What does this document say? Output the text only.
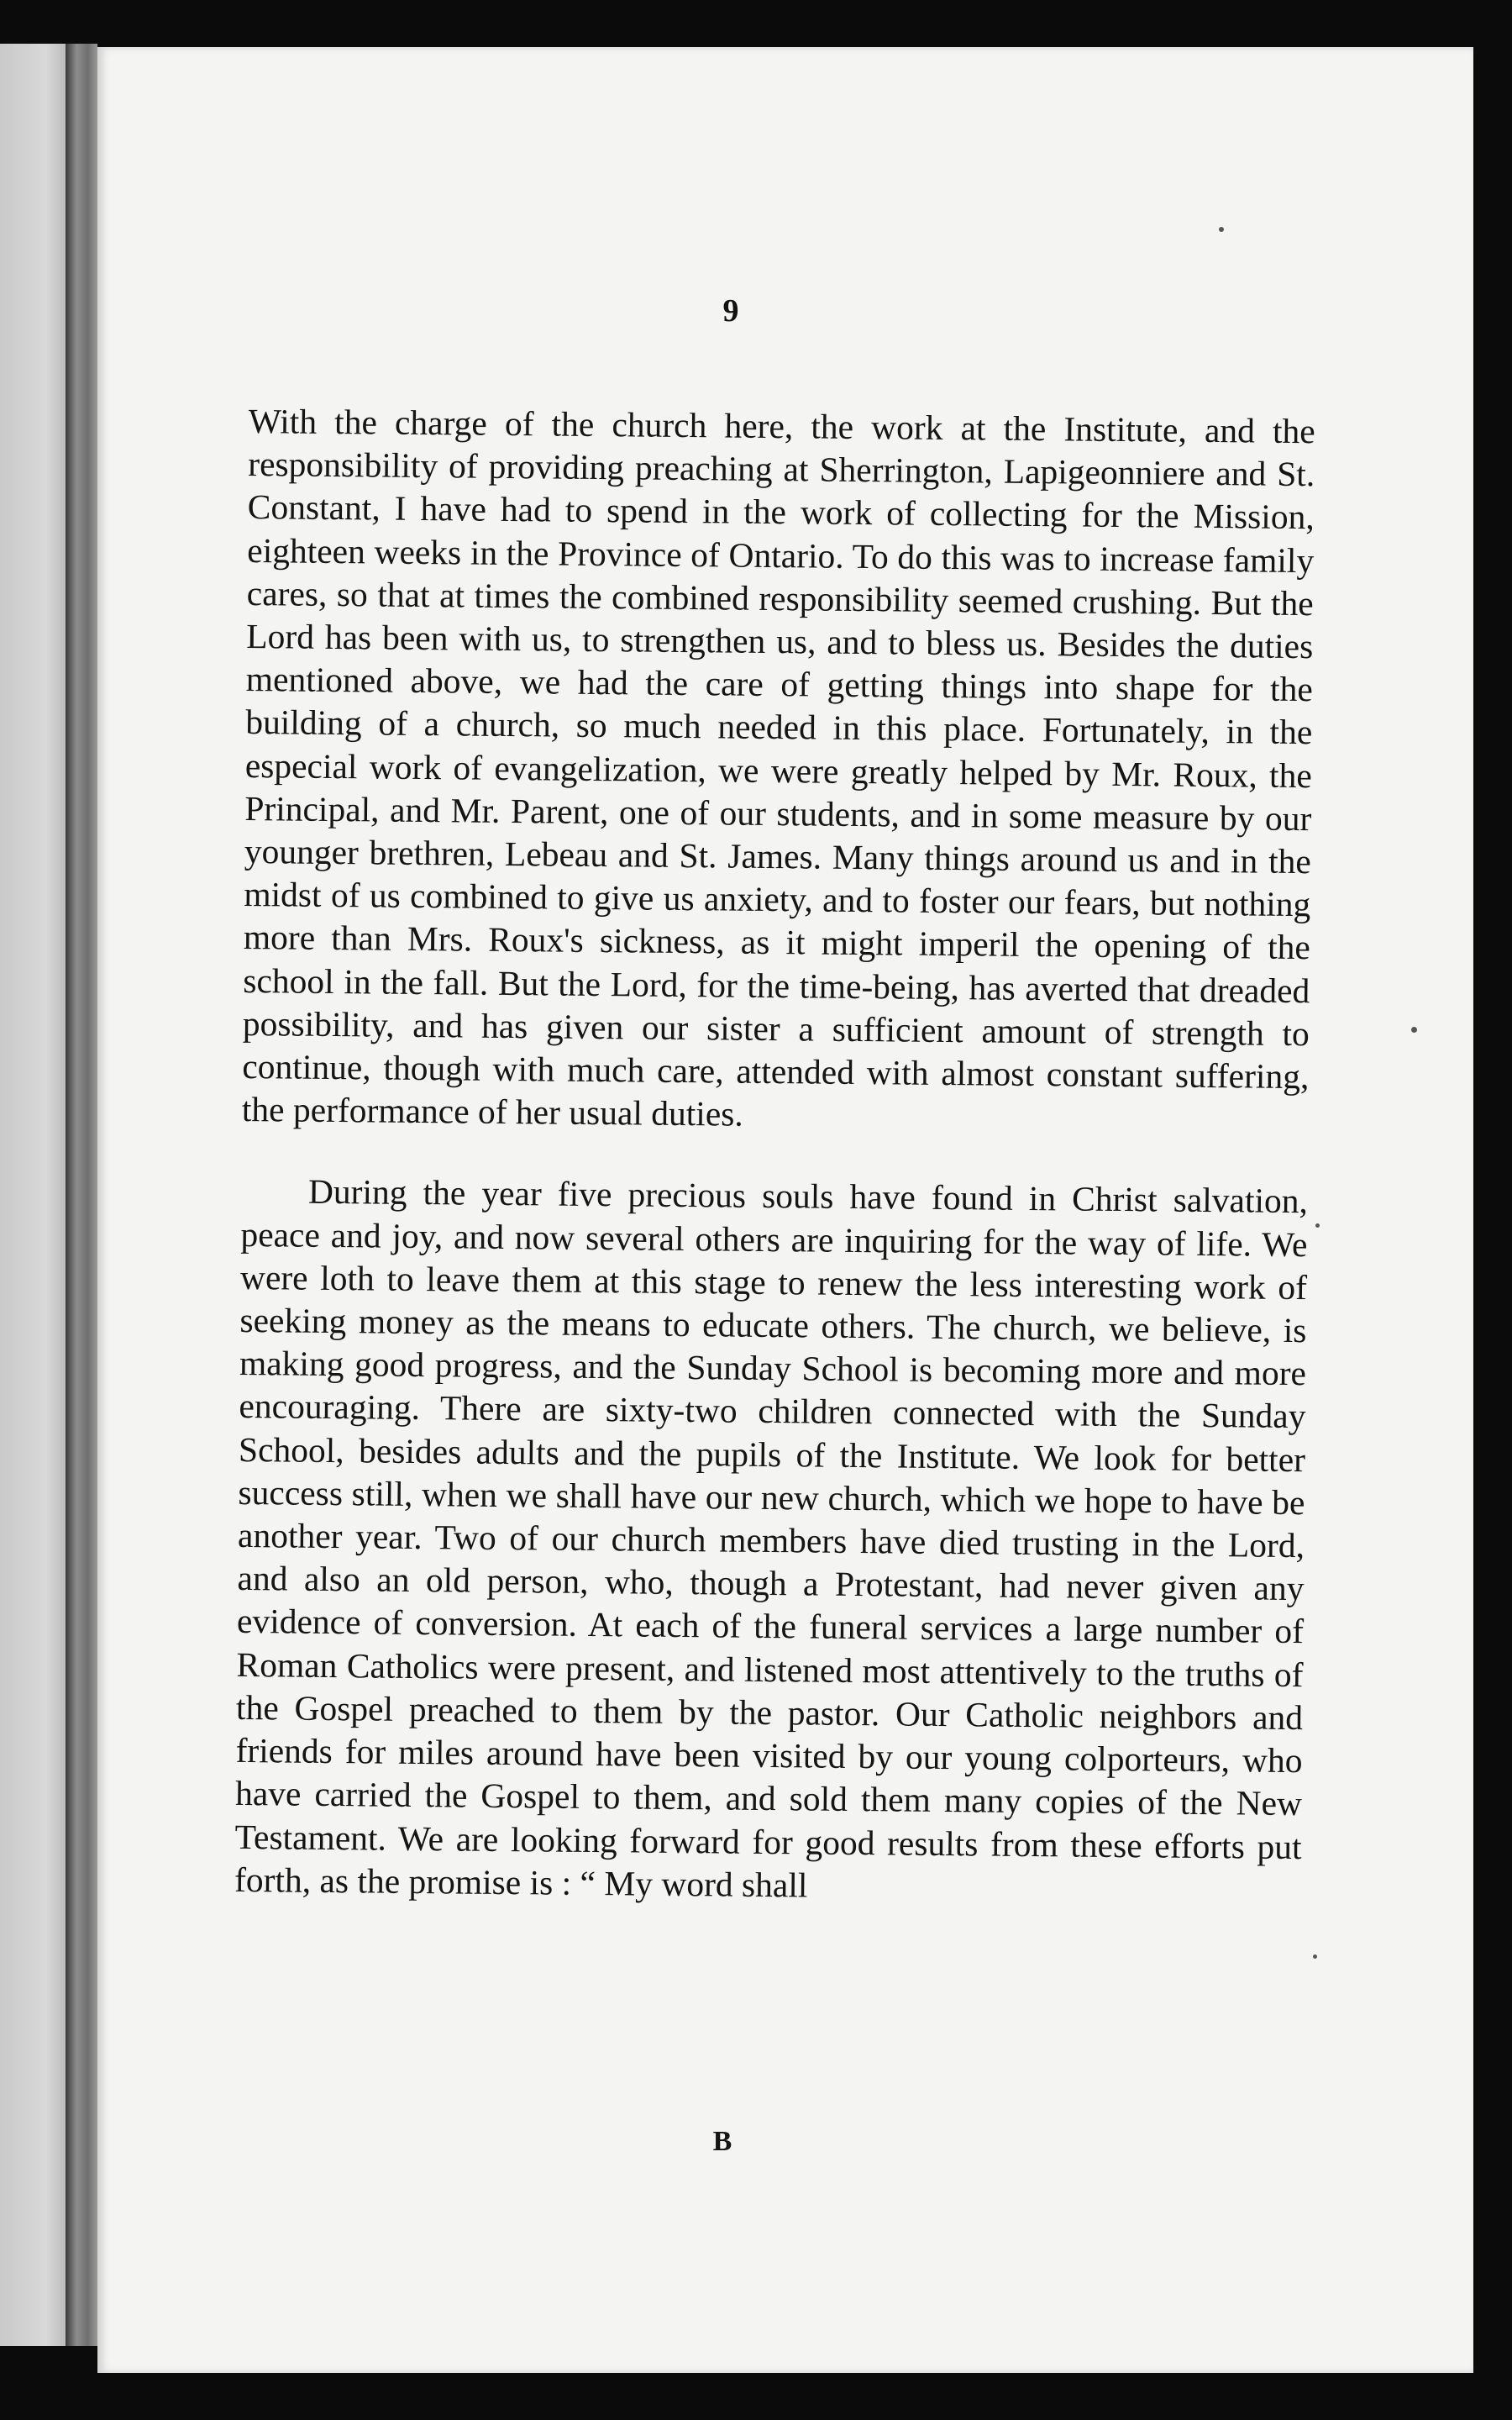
9

With the charge of the church here, the work at the Institute, and the responsibility of providing preaching at Sherrington, Lapigeonniere and St. Constant, I have had to spend in the work of collecting for the Mission, eighteen weeks in the Province of Ontario. To do this was to increase family cares, so that at times the combined responsibility seemed crushing. But the Lord has been with us, to strengthen us, and to bless us. Besides the duties mentioned above, we had the care of getting things into shape for the building of a church, so much needed in this place. Fortunately, in the especial work of evangelization, we were greatly helped by Mr. Roux, the Principal, and Mr. Parent, one of our students, and in some measure by our younger brethren, Lebeau and St. James. Many things around us and in the midst of us combined to give us anxiety, and to foster our fears, but nothing more than Mrs. Roux's sickness, as it might imperil the opening of the school in the fall. But the Lord, for the time-being, has averted that dreaded possibility, and has given our sister a sufficient amount of strength to continue, though with much care, attended with almost constant suffering, the performance of her usual duties.

During the year five precious souls have found in Christ salvation, peace and joy, and now several others are inquiring for the way of life. We were loth to leave them at this stage to renew the less interesting work of seeking money as the means to educate others. The church, we believe, is making good progress, and the Sunday School is becoming more and more encouraging. There are sixty-two children connected with the Sunday School, besides adults and the pupils of the Institute. We look for better success still, when we shall have our new church, which we hope to have be another year. Two of our church members have died trusting in the Lord, and also an old person, who, though a Protestant, had never given any evidence of conversion. At each of the funeral services a large number of Roman Catholics were present, and listened most attentively to the truths of the Gospel preached to them by the pastor. Our Catholic neighbors and friends for miles around have been visited by our young colporteurs, who have carried the Gospel to them, and sold them many copies of the New Testament. We are looking forward for good results from these efforts put forth, as the promise is : “ My word shall

B
